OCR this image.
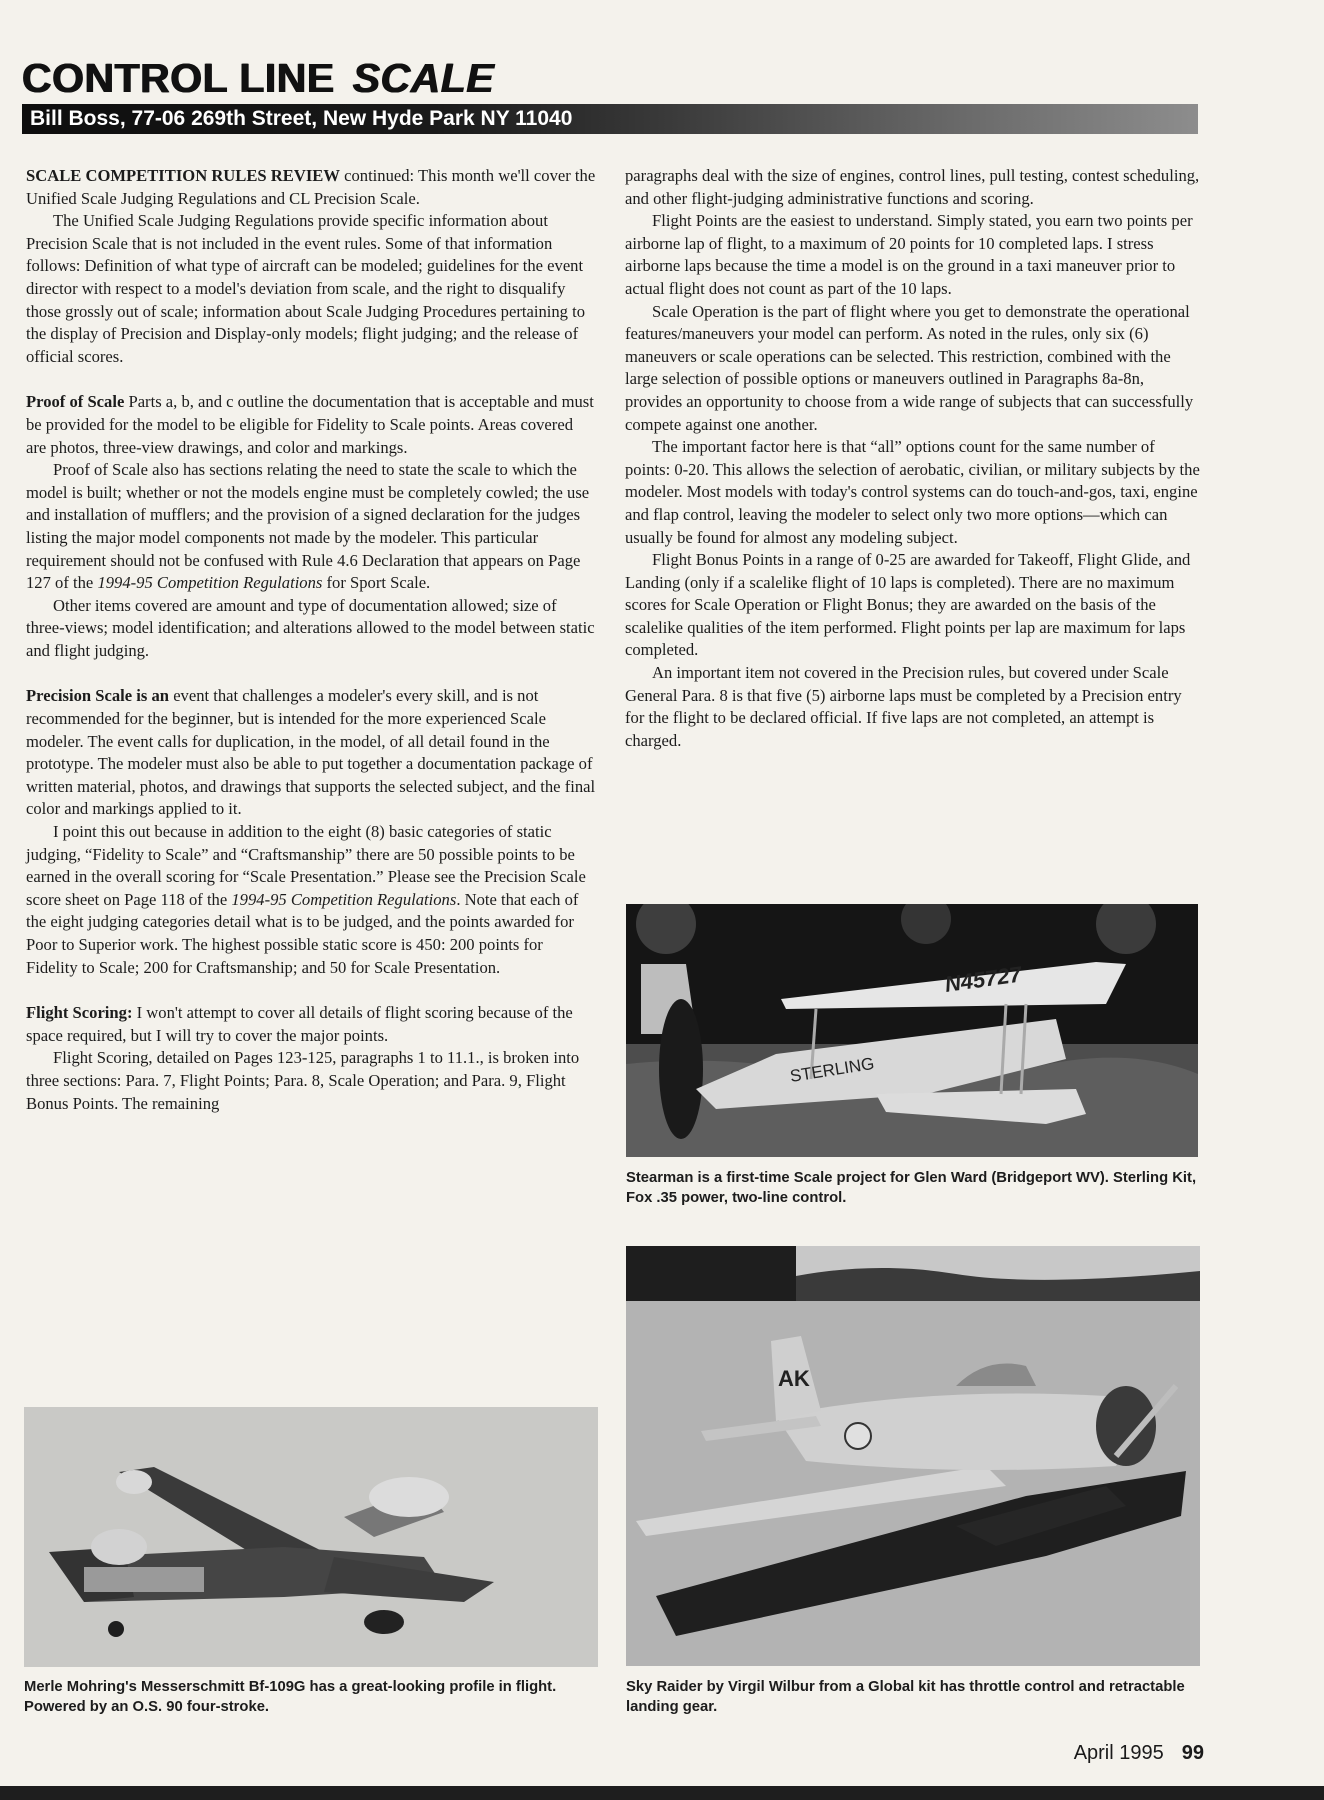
CONTROL LINE SCALE
Bill Boss, 77-06 269th Street, New Hyde Park NY 11040

SCALE COMPETITION RULES REVIEW continued: This month we'll cover the Unified Scale Judging Regulations and CL Precision Scale.

The Unified Scale Judging Regulations provide specific information about Precision Scale that is not included in the event rules. Some of that information follows: Definition of what type of aircraft can be modeled; guidelines for the event director with respect to a model's deviation from scale, and the right to disqualify those grossly out of scale; information about Scale Judging Procedures pertaining to the display of Precision and Display-only models; flight judging; and the release of official scores.

Proof of Scale Parts a, b, and c outline the documentation that is acceptable and must be provided for the model to be eligible for Fidelity to Scale points. Areas covered are photos, three-view drawings, and color and markings.

Proof of Scale also has sections relating the need to state the scale to which the model is built; whether or not the models engine must be completely cowled; the use and installation of mufflers; and the provision of a signed declaration for the judges listing the major model components not made by the modeler. This particular requirement should not be confused with Rule 4.6 Declaration that appears on Page 127 of the 1994-95 Competition Regulations for Sport Scale.

Other items covered are amount and type of documentation allowed; size of three-views; model identification; and alterations allowed to the model between static and flight judging.

Precision Scale is an event that challenges a modeler's every skill, and is not recommended for the beginner, but is intended for the more experienced Scale modeler. The event calls for duplication, in the model, of all detail found in the prototype. The modeler must also be able to put together a documentation package of written material, photos, and drawings that supports the selected subject, and the final color and markings applied to it.

I point this out because in addition to the eight (8) basic categories of static judging, “Fidelity to Scale” and “Craftsmanship” there are 50 possible points to be earned in the overall scoring for “Scale Presentation.” Please see the Precision Scale score sheet on Page 118 of the 1994-95 Competition Regulations. Note that each of the eight judging categories detail what is to be judged, and the points awarded for Poor to Superior work. The highest possible static score is 450: 200 points for Fidelity to Scale; 200 for Craftsmanship; and 50 for Scale Presentation.

Flight Scoring: I won't attempt to cover all details of flight scoring because of the space required, but I will try to cover the major points.

Flight Scoring, detailed on Pages 123-125, paragraphs 1 to 11.1., is broken into three sections: Para. 7, Flight Points; Para. 8, Scale Operation; and Para. 9, Flight Bonus Points. The remaining

paragraphs deal with the size of engines, control lines, pull testing, contest scheduling, and other flight-judging administrative functions and scoring.

Flight Points are the easiest to understand. Simply stated, you earn two points per airborne lap of flight, to a maximum of 20 points for 10 completed laps. I stress airborne laps because the time a model is on the ground in a taxi maneuver prior to actual flight does not count as part of the 10 laps.

Scale Operation is the part of flight where you get to demonstrate the operational features/maneuvers your model can perform. As noted in the rules, only six (6) maneuvers or scale operations can be selected. This restriction, combined with the large selection of possible options or maneuvers outlined in Paragraphs 8a-8n, provides an opportunity to choose from a wide range of subjects that can successfully compete against one another.

The important factor here is that “all” options count for the same number of points: 0-20. This allows the selection of aerobatic, civilian, or military subjects by the modeler. Most models with today's control systems can do touch-and-gos, taxi, engine and flap control, leaving the modeler to select only two more options—which can usually be found for almost any modeling subject.

Flight Bonus Points in a range of 0-25 are awarded for Takeoff, Flight Glide, and Landing (only if a scalelike flight of 10 laps is completed). There are no maximum scores for Scale Operation or Flight Bonus; they are awarded on the basis of the scalelike qualities of the item performed. Flight points per lap are maximum for laps completed.

An important item not covered in the Precision rules, but covered under Scale General Para. 8 is that five (5) airborne laps must be completed by a Precision entry for the flight to be declared official. If five laps are not completed, an attempt is charged.

N45727
STERLING
Stearman is a first-time Scale project for Glen Ward (Bridgeport WV). Sterling Kit, Fox .35 power, two-line control.
Merle Mohring's Messerschmitt Bf-109G has a great-looking profile in flight. Powered by an O.S. 90 four-stroke.
AK
Sky Raider by Virgil Wilbur from a Global kit has throttle control and retractable landing gear.
April 1995 99
